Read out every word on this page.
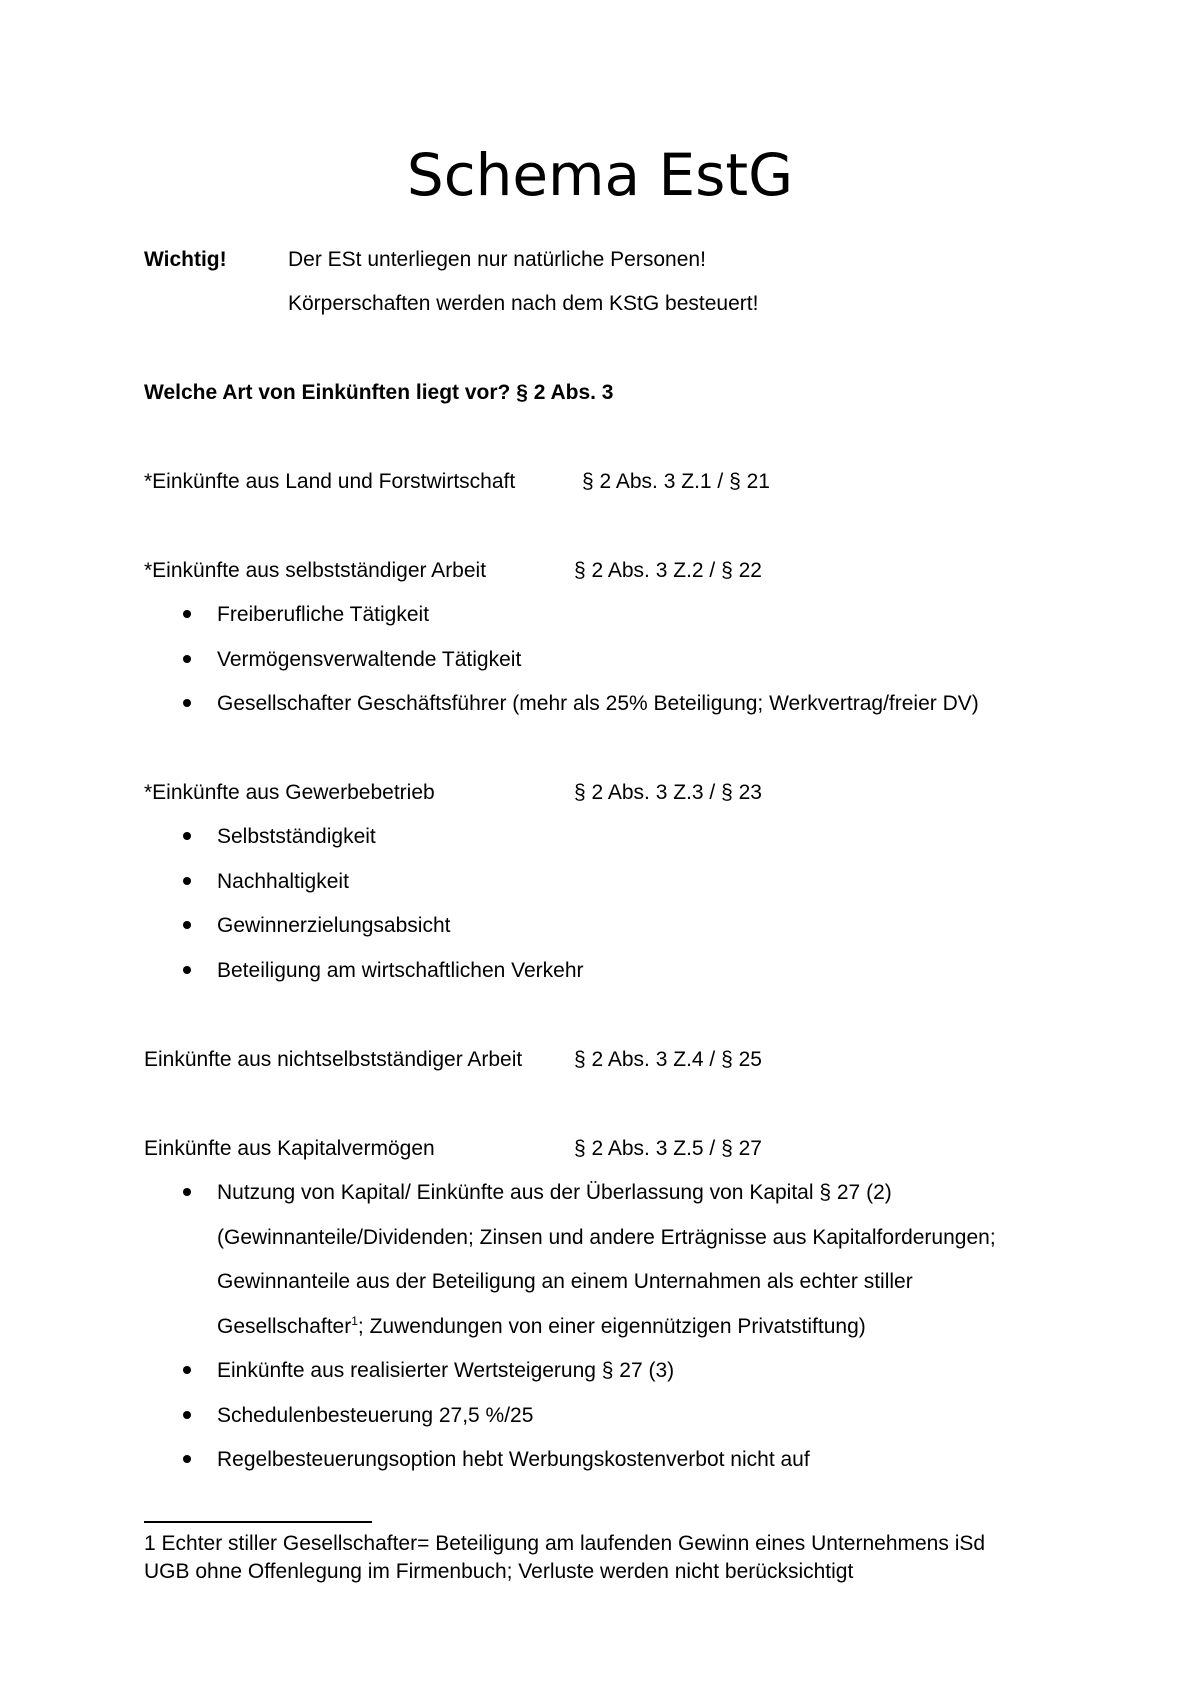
Schema EstG
Wichtig!	Der ESt unterliegen nur natürliche Personen!
Körperschaften werden nach dem KStG besteuert!
Welche Art von Einkünften liegt vor? § 2 Abs. 3
*Einkünfte aus Land und Forstwirtschaft	§ 2 Abs. 3 Z.1 / § 21
*Einkünfte aus selbstständiger Arbeit	§ 2 Abs. 3 Z.2 / § 22
Freiberufliche Tätigkeit
Vermögensverwaltende Tätigkeit
Gesellschafter Geschäftsführer (mehr als 25% Beteiligung; Werkvertrag/freier DV)
*Einkünfte aus Gewerbebetrieb	§ 2 Abs. 3 Z.3 / § 23
Selbstständigkeit
Nachhaltigkeit
Gewinnerzielungsabsicht
Beteiligung am wirtschaftlichen Verkehr
Einkünfte aus nichtselbstständiger Arbeit § 2 Abs. 3 Z.4 / § 25
Einkünfte aus Kapitalvermögen	§ 2 Abs. 3 Z.5 / § 27
Nutzung von Kapital/ Einkünfte aus der Überlassung von Kapital § 27 (2)
(Gewinnanteile/Dividenden; Zinsen und andere Erträgnisse aus Kapitalforderungen;
Gewinnanteile aus der Beteiligung an einem Unternahmen als echter stiller
Gesellschafter$^1$; Zuwendungen von einer eigennützigen Privatstiftung)
Einkünfte aus realisierter Wertsteigerung § 27 (3)
Schedulenbesteuerung 27,5 %/25
Regelbesteuerungsoption hebt Werbungskostenverbot nicht auf
1 Echter stiller Gesellschafter= Beteiligung am laufenden Gewinn eines Unternehmens iSd
UGB ohne Offenlegung im Firmenbuch; Verluste werden nicht berücksichtigt
